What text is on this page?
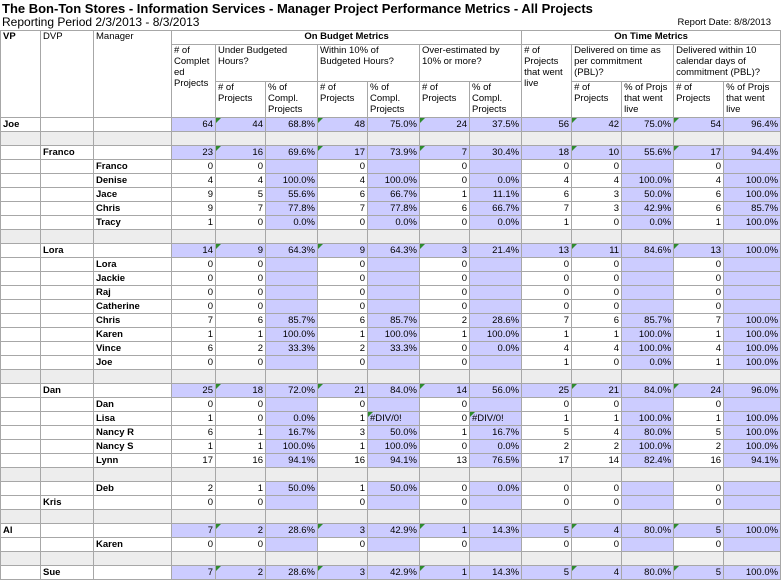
The Bon-Ton Stores - Information Services - Manager Project Performance Metrics - All Projects
Reporting Period 2/3/2013 - 8/3/2013	Report Date: 8/8/2013
VP	DVP	Manager	On Budget Metrics							On Time Metrics				
			# of Complet ed Projects	Under Budgeted Hours?		Within 10% of Budgeted Hours?		Over-estimated by 10% or more?		# of Projects that went live	Delivered on time as per commitment (PBL)?		Delivered within 10 calendar days of commitment (PBL)?	
				# of Projects	% of Compl. Projects	# of Projects	% of Compl. Projects	# of Projects	% of Compl. Projects		# of Projects	% of Projs that went live	# of Projects	% of Projs that went live
Joe			64	44	68.8%	48	75.0%	24	37.5%	56	42	75.0%	54	96.4%

	Franco		23	16	69.6%	17	73.9%	7	30.4%	18	10	55.6%	17	94.4%
		Franco	0	0		0		0		0	0		0	
		Denise	4	4	100.0%	4	100.0%	0	0.0%	4	4	100.0%	4	100.0%
		Jace	9	5	55.6%	6	66.7%	1	11.1%	6	3	50.0%	6	100.0%
		Chris	9	7	77.8%	7	77.8%	6	66.7%	7	3	42.9%	6	85.7%
		Tracy	1	0	0.0%	0	0.0%	0	0.0%	1	0	0.0%	1	100.0%

	Lora		14	9	64.3%	9	64.3%	3	21.4%	13	11	84.6%	13	100.0%
		Lora	0	0		0		0		0	0		0	
		Jackie	0	0		0		0		0	0		0	
		Raj	0	0		0		0		0	0		0	
		Catherine	0	0		0		0		0	0		0	
		Chris	7	6	85.7%	6	85.7%	2	28.6%	7	6	85.7%	7	100.0%
		Karen	1	1	100.0%	1	100.0%	1	100.0%	1	1	100.0%	1	100.0%
		Vince	6	2	33.3%	2	33.3%	0	0.0%	4	4	100.0%	4	100.0%
		Joe	0	0		0		0		1	0	0.0%	1	100.0%

	Dan		25	18	72.0%	21	84.0%	14	56.0%	25	21	84.0%	24	96.0%
		Dan	0	0		0		0		0	0		0	
		Lisa	1	0	0.0%	1	#DIV/0!	0	#DIV/0!	1	1	100.0%	1	100.0%
		Nancy R	6	1	16.7%	3	50.0%	1	16.7%	5	4	80.0%	5	100.0%
		Nancy S	1	1	100.0%	1	100.0%	0	0.0%	2	2	100.0%	2	100.0%
		Lynn	17	16	94.1%	16	94.1%	13	76.5%	17	14	82.4%	16	94.1%

		Deb	2	1	50.0%	1	50.0%	0	0.0%	0	0		0	
	Kris		0	0		0		0		0	0		0	

Al			7	2	28.6%	3	42.9%	1	14.3%	5	4	80.0%	5	100.0%
		Karen	0	0		0		0		0	0		0	

	Sue		7	2	28.6%	3	42.9%	1	14.3%	5	4	80.0%	5	100.0%
